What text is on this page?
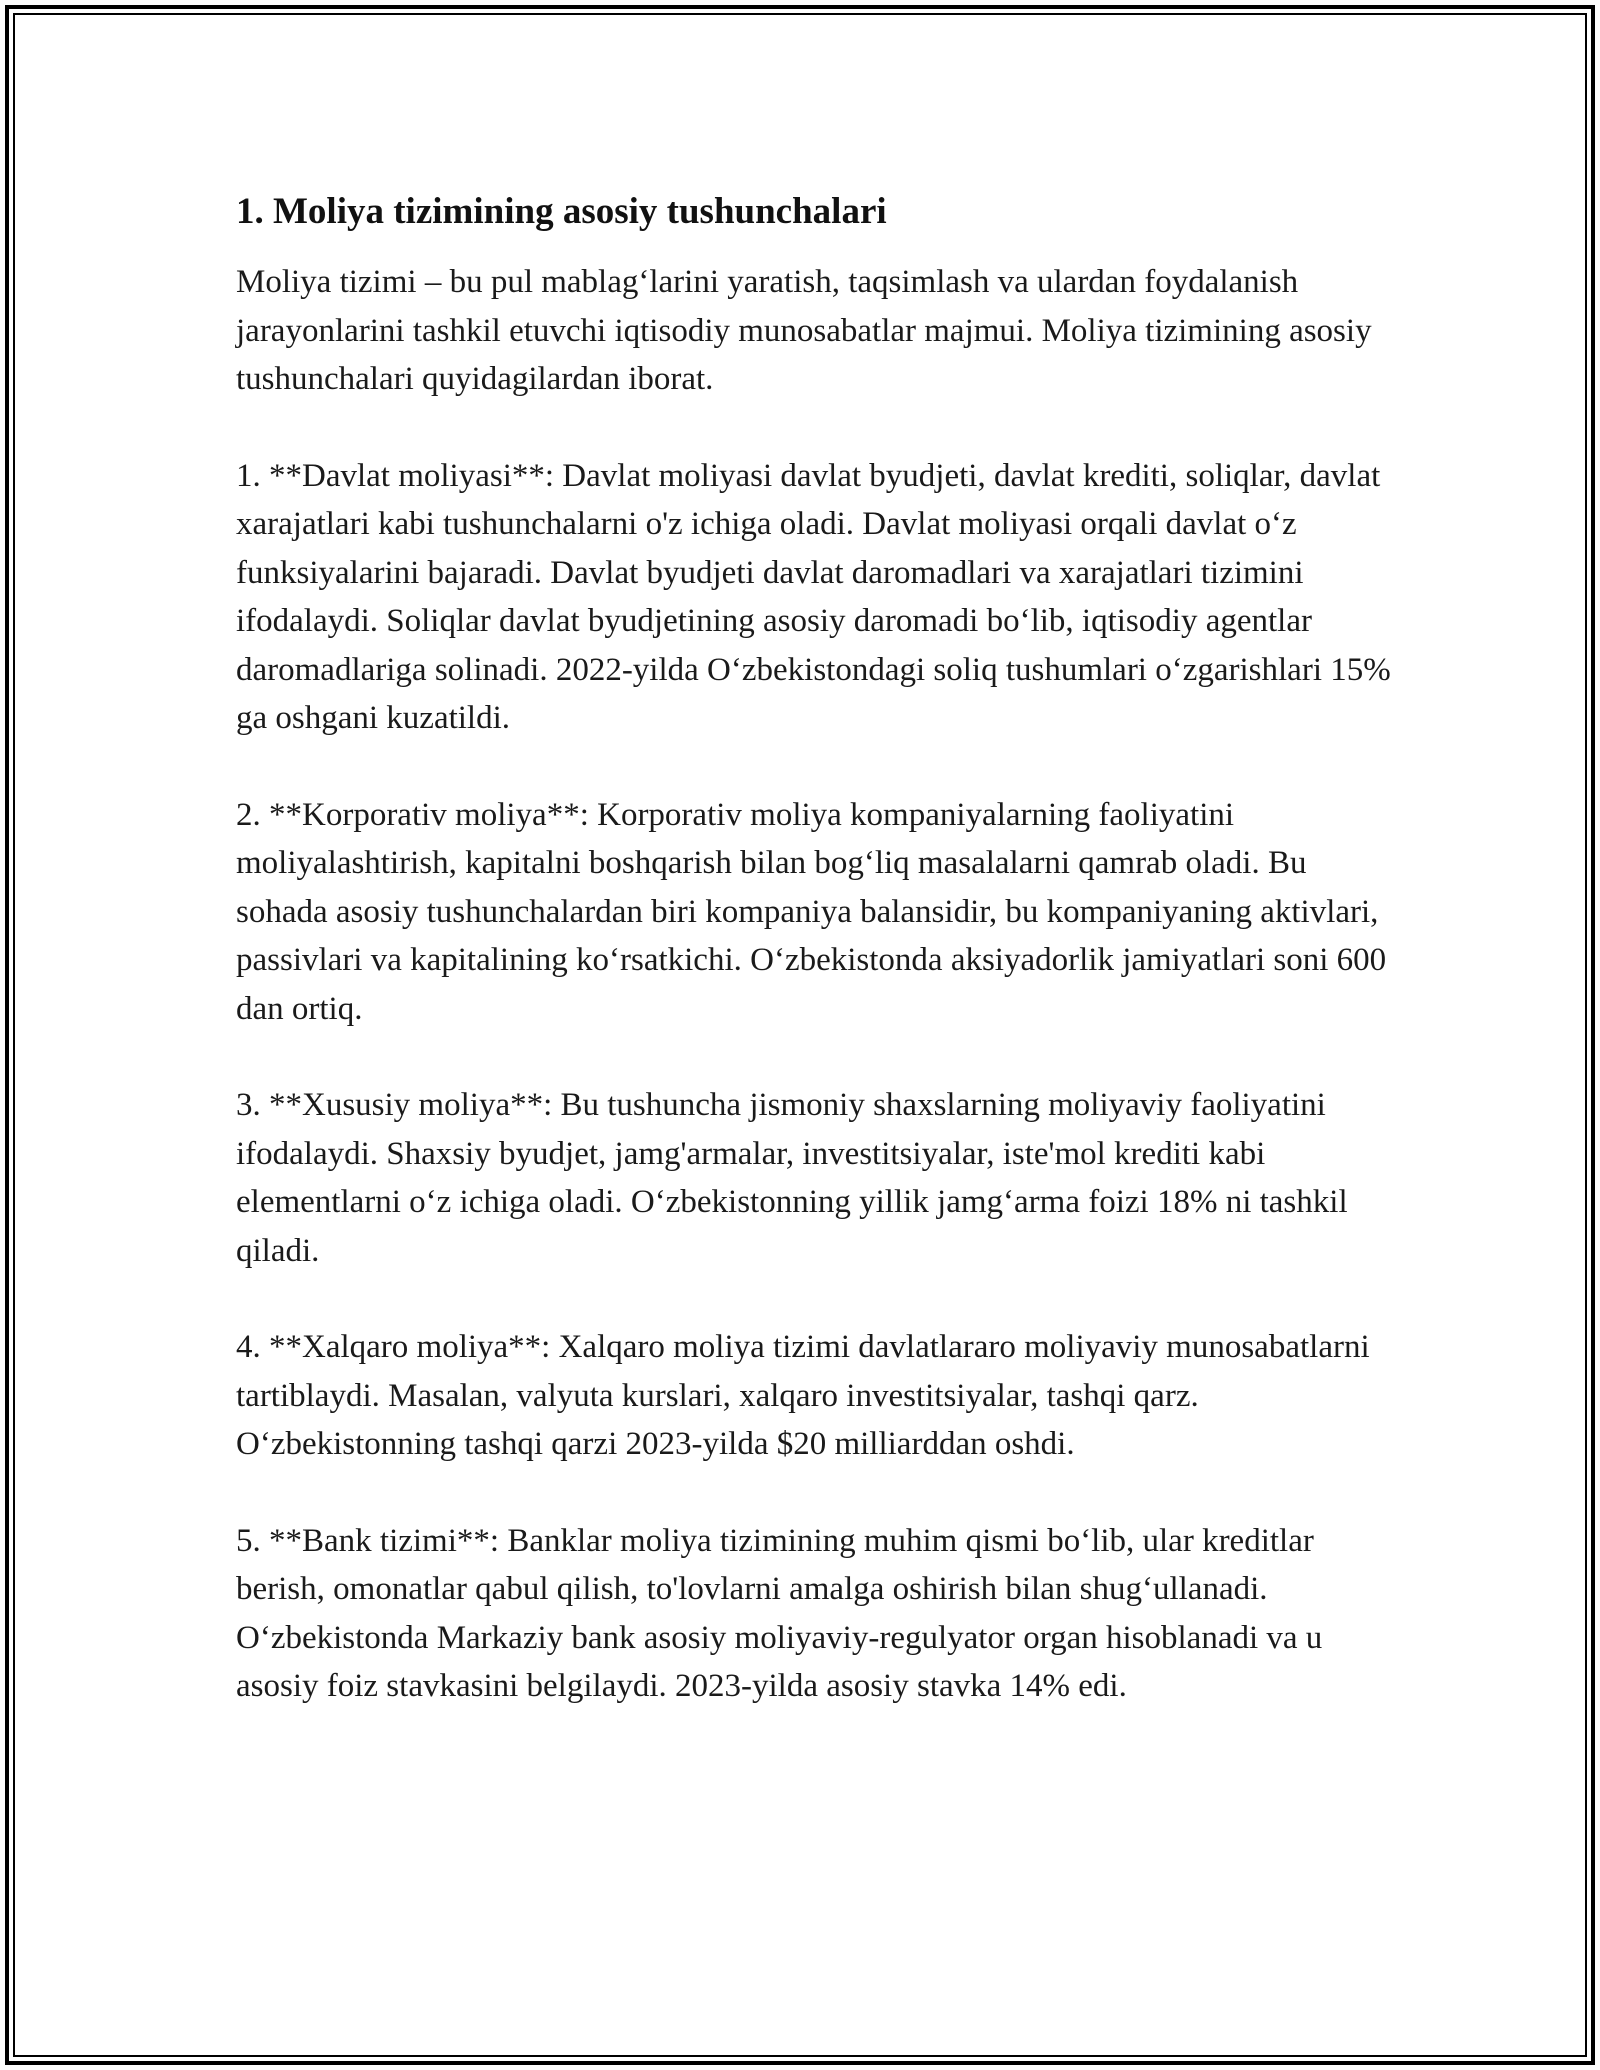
1. Moliya tizimining asosiy tushunchalari

Moliya tizimi – bu pul mablag‘larini yaratish, taqsimlash va ulardan foydalanish jarayonlarini tashkil etuvchi iqtisodiy munosabatlar majmui. Moliya tizimining asosiy tushunchalari quyidagilardan iborat.

1. **Davlat moliyasi**: Davlat moliyasi davlat byudjeti, davlat krediti, soliqlar, davlat xarajatlari kabi tushunchalarni o'z ichiga oladi. Davlat moliyasi orqali davlat o‘z funksiyalarini bajaradi. Davlat byudjeti davlat daromadlari va xarajatlari tizimini ifodalaydi. Soliqlar davlat byudjetining asosiy daromadi bo‘lib, iqtisodiy agentlar daromadlariga solinadi. 2022-yilda O‘zbekistondagi soliq tushumlari o‘zgarishlari 15% ga oshgani kuzatildi.

2. **Korporativ moliya**: Korporativ moliya kompaniyalarning faoliyatini moliyalashtirish, kapitalni boshqarish bilan bog‘liq masalalarni qamrab oladi. Bu sohada asosiy tushunchalardan biri kompaniya balansidir, bu kompaniyaning aktivlari, passivlari va kapitalining ko‘rsatkichi. O‘zbekistonda aksiyadorlik jamiyatlari soni 600 dan ortiq.

3. **Xususiy moliya**: Bu tushuncha jismoniy shaxslarning moliyaviy faoliyatini ifodalaydi. Shaxsiy byudjet, jamg'armalar, investitsiyalar, iste'mol krediti kabi elementlarni o‘z ichiga oladi. O‘zbekistonning yillik jamg‘arma foizi 18% ni tashkil qiladi.

4. **Xalqaro moliya**: Xalqaro moliya tizimi davlatlararo moliyaviy munosabatlarni tartiblaydi. Masalan, valyuta kurslari, xalqaro investitsiyalar, tashqi qarz. O‘zbekistonning tashqi qarzi 2023-yilda $20 milliarddan oshdi.

5. **Bank tizimi**: Banklar moliya tizimining muhim qismi bo‘lib, ular kreditlar berish, omonatlar qabul qilish, to'lovlarni amalga oshirish bilan shug‘ullanadi. O‘zbekistonda Markaziy bank asosiy moliyaviy-regulyator organ hisoblanadi va u asosiy foiz stavkasini belgilaydi. 2023-yilda asosiy stavka 14% edi.
